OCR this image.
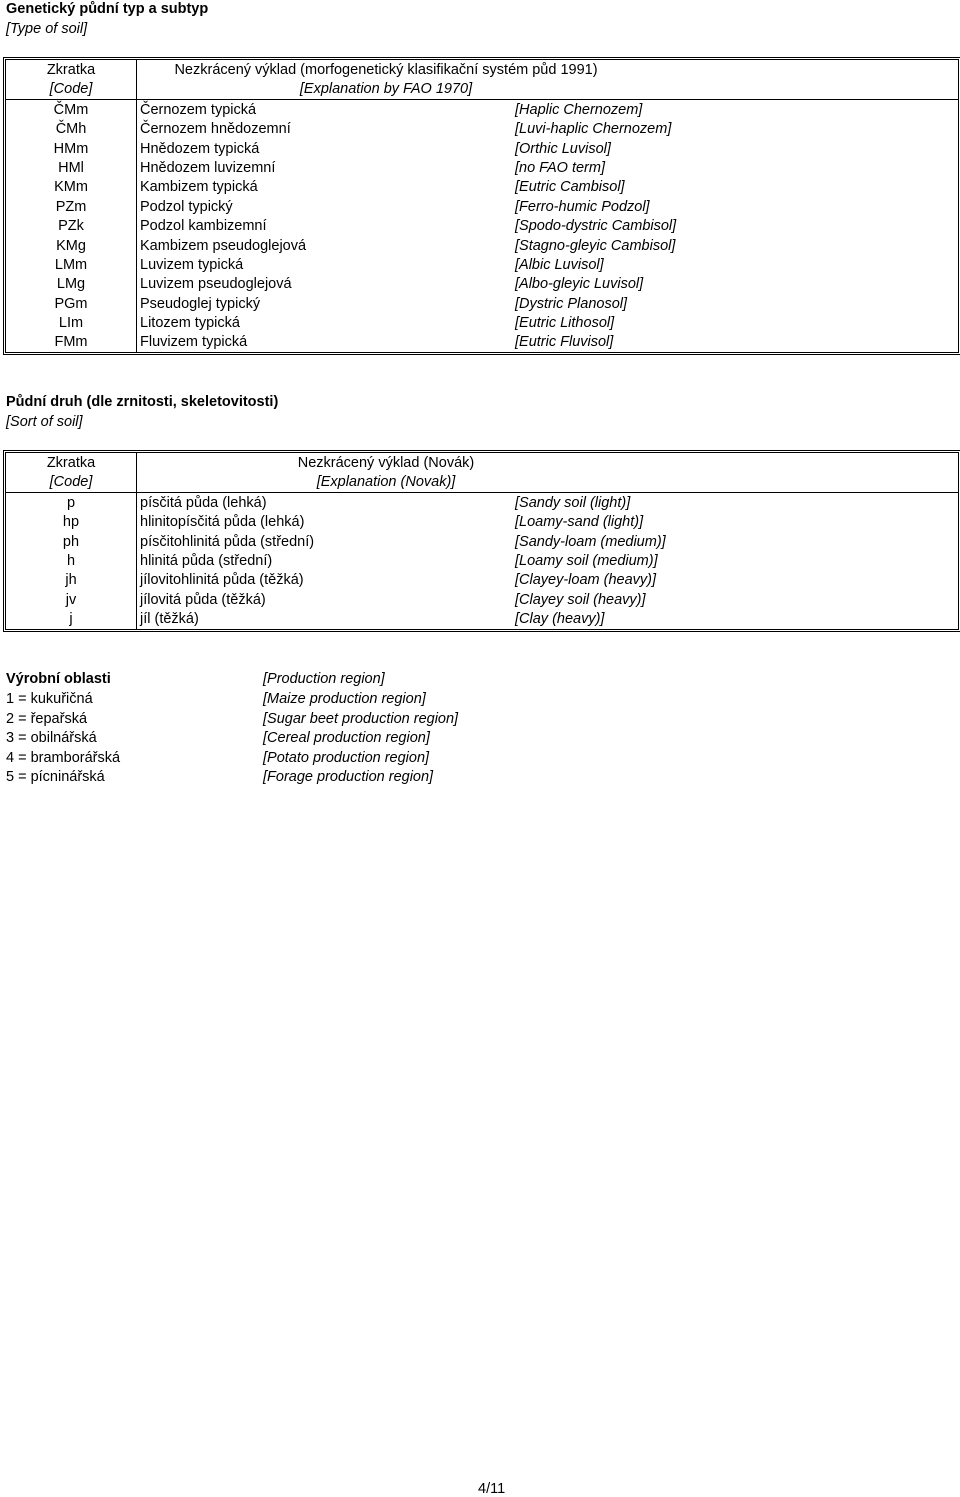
Genetický půdní typ a subtyp
[Type of soil]
Zkratka	Nezkrácený výklad (morfogenetický klasifikační systém půd 1991)
[Code]	[Explanation by FAO 1970]
ČMm	Černozem typická	[Haplic Chernozem]
ČMh	Černozem hnědozemní	[Luvi-haplic Chernozem]
HMm	Hnědozem typická	[Orthic Luvisol]
HMl	Hnědozem luvizemní	[no FAO term]
KMm	Kambizem typická	[Eutric Cambisol]
PZm	Podzol typický	[Ferro-humic Podzol]
PZk	Podzol kambizemní	[Spodo-dystric Cambisol]
KMg	Kambizem pseudoglejová	[Stagno-gleyic Cambisol]
LMm	Luvizem typická	[Albic Luvisol]
LMg	Luvizem pseudoglejová	[Albo-gleyic Luvisol]
PGm	Pseudoglej typický	[Dystric Planosol]
LIm	Litozem typická	[Eutric Lithosol]
FMm	Fluvizem typická	[Eutric Fluvisol]
Půdní druh (dle zrnitosti, skeletovitosti)
[Sort of soil]
Zkratka	Nezkrácený výklad (Novák)
[Code]	[Explanation (Novak)]
p	písčitá půda (lehká)	[Sandy soil (light)]
hp	hlinitopísčitá půda (lehká)	[Loamy-sand (light)]
ph	písčitohlinitá půda (střední)	[Sandy-loam (medium)]
h	hlinitá půda (střední)	[Loamy soil (medium)]
jh	jílovitohlinitá půda (těžká)	[Clayey-loam (heavy)]
jv	jílovitá půda (těžká)	[Clayey soil (heavy)]
j	jíl (těžká)	[Clay (heavy)]
Výrobní oblasti	[Production region]
1 = kukuřičná	[Maize production region]
2 = řepařská	[Sugar beet production region]
3 = obilnářská	[Cereal production region]
4 = bramborářská	[Potato production region]
5 = pícninářská	[Forage production region]
4/11
